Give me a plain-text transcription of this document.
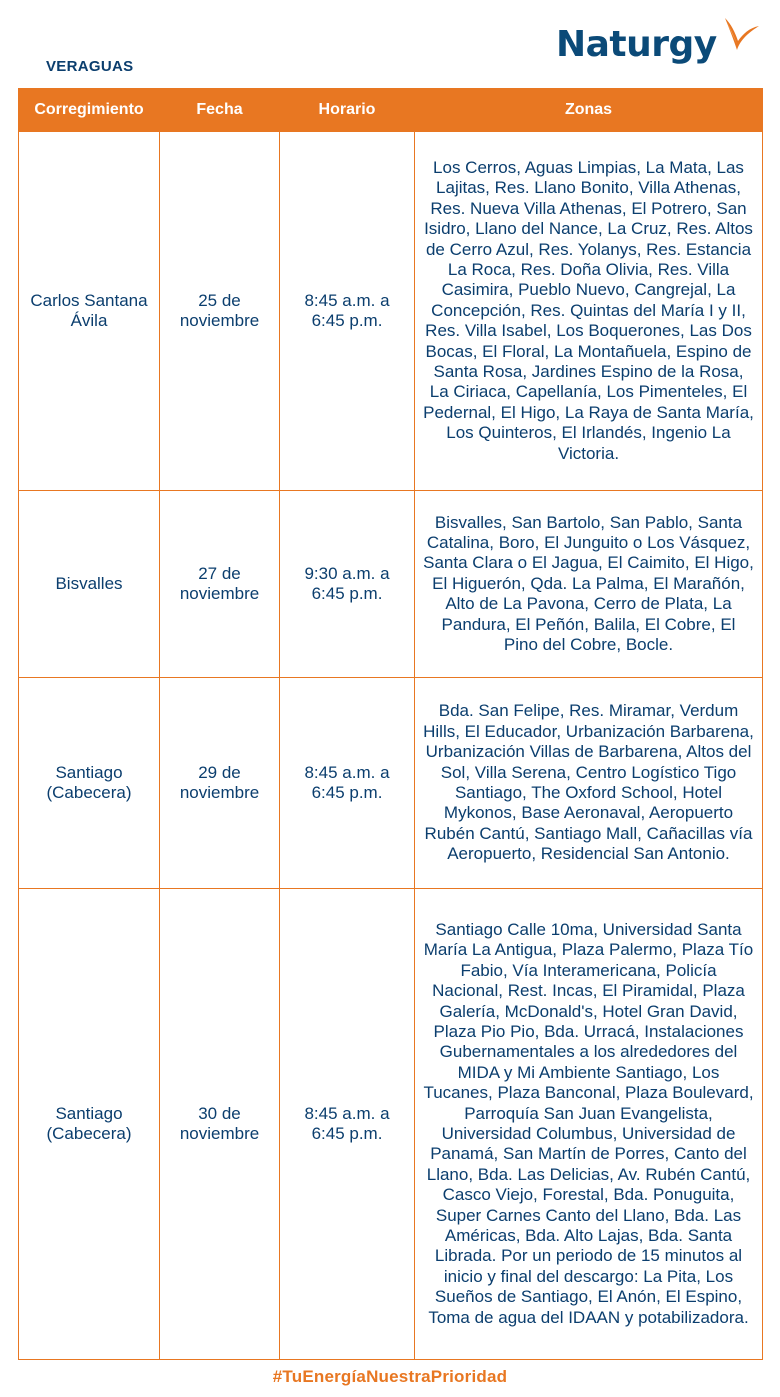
VERAGUAS
Naturgy
Corregimiento	Fecha	Horario	Zonas
Carlos Santana Ávila	25 de noviembre	8:45 a.m. a 6:45 p.m.	Los Cerros, Aguas Limpias, La Mata, Las Lajitas, Res. Llano Bonito, Villa Athenas, Res. Nueva Villa Athenas, El Potrero, San Isidro, Llano del Nance, La Cruz, Res. Altos de Cerro Azul, Res. Yolanys, Res. Estancia La Roca, Res. Doña Olivia, Res. Villa Casimira, Pueblo Nuevo, Cangrejal, La Concepción, Res. Quintas del María I y II, Res. Villa Isabel, Los Boquerones, Las Dos Bocas, El Floral, La Montañuela, Espino de Santa Rosa, Jardines Espino de la Rosa, La Ciriaca, Capellanía, Los Pimenteles, El Pedernal, El Higo, La Raya de Santa María, Los Quinteros, El Irlandés, Ingenio La Victoria.
Bisvalles	27 de noviembre	9:30 a.m. a 6:45 p.m.	Bisvalles, San Bartolo, San Pablo, Santa Catalina, Boro, El Junguito o Los Vásquez, Santa Clara o El Jagua, El Caimito, El Higo, El Higuerón, Qda. La Palma, El Marañón, Alto de La Pavona, Cerro de Plata, La Pandura, El Peñón, Balila, El Cobre, El Pino del Cobre, Bocle.
Santiago (Cabecera)	29 de noviembre	8:45 a.m. a 6:45 p.m.	Bda. San Felipe, Res. Miramar, Verdum Hills, El Educador, Urbanización Barbarena, Urbanización Villas de Barbarena, Altos del Sol, Villa Serena, Centro Logístico Tigo Santiago, The Oxford School, Hotel Mykonos, Base Aeronaval, Aeropuerto Rubén Cantú, Santiago Mall, Cañacillas vía Aeropuerto, Residencial San Antonio.
Santiago (Cabecera)	30 de noviembre	8:45 a.m. a 6:45 p.m.	Santiago Calle 10ma, Universidad Santa María La Antigua, Plaza Palermo, Plaza Tío Fabio, Vía Interamericana, Policía Nacional, Rest. Incas, El Piramidal, Plaza Galería, McDonald's, Hotel Gran David, Plaza Pio Pio, Bda. Urracá, Instalaciones Gubernamentales a los alrededores del MIDA y Mi Ambiente Santiago, Los Tucanes, Plaza Banconal, Plaza Boulevard, Parroquía San Juan Evangelista, Universidad Columbus, Universidad de Panamá, San Martín de Porres, Canto del Llano, Bda. Las Delicias, Av. Rubén Cantú, Casco Viejo, Forestal, Bda. Ponuguita, Super Carnes Canto del Llano, Bda. Las Américas, Bda. Alto Lajas, Bda. Santa Librada. Por un periodo de 15 minutos al inicio y final del descargo: La Pita, Los Sueños de Santiago, El Anón, El Espino, Toma de agua del IDAAN y potabilizadora.
#TuEnergíaNuestraPrioridad
